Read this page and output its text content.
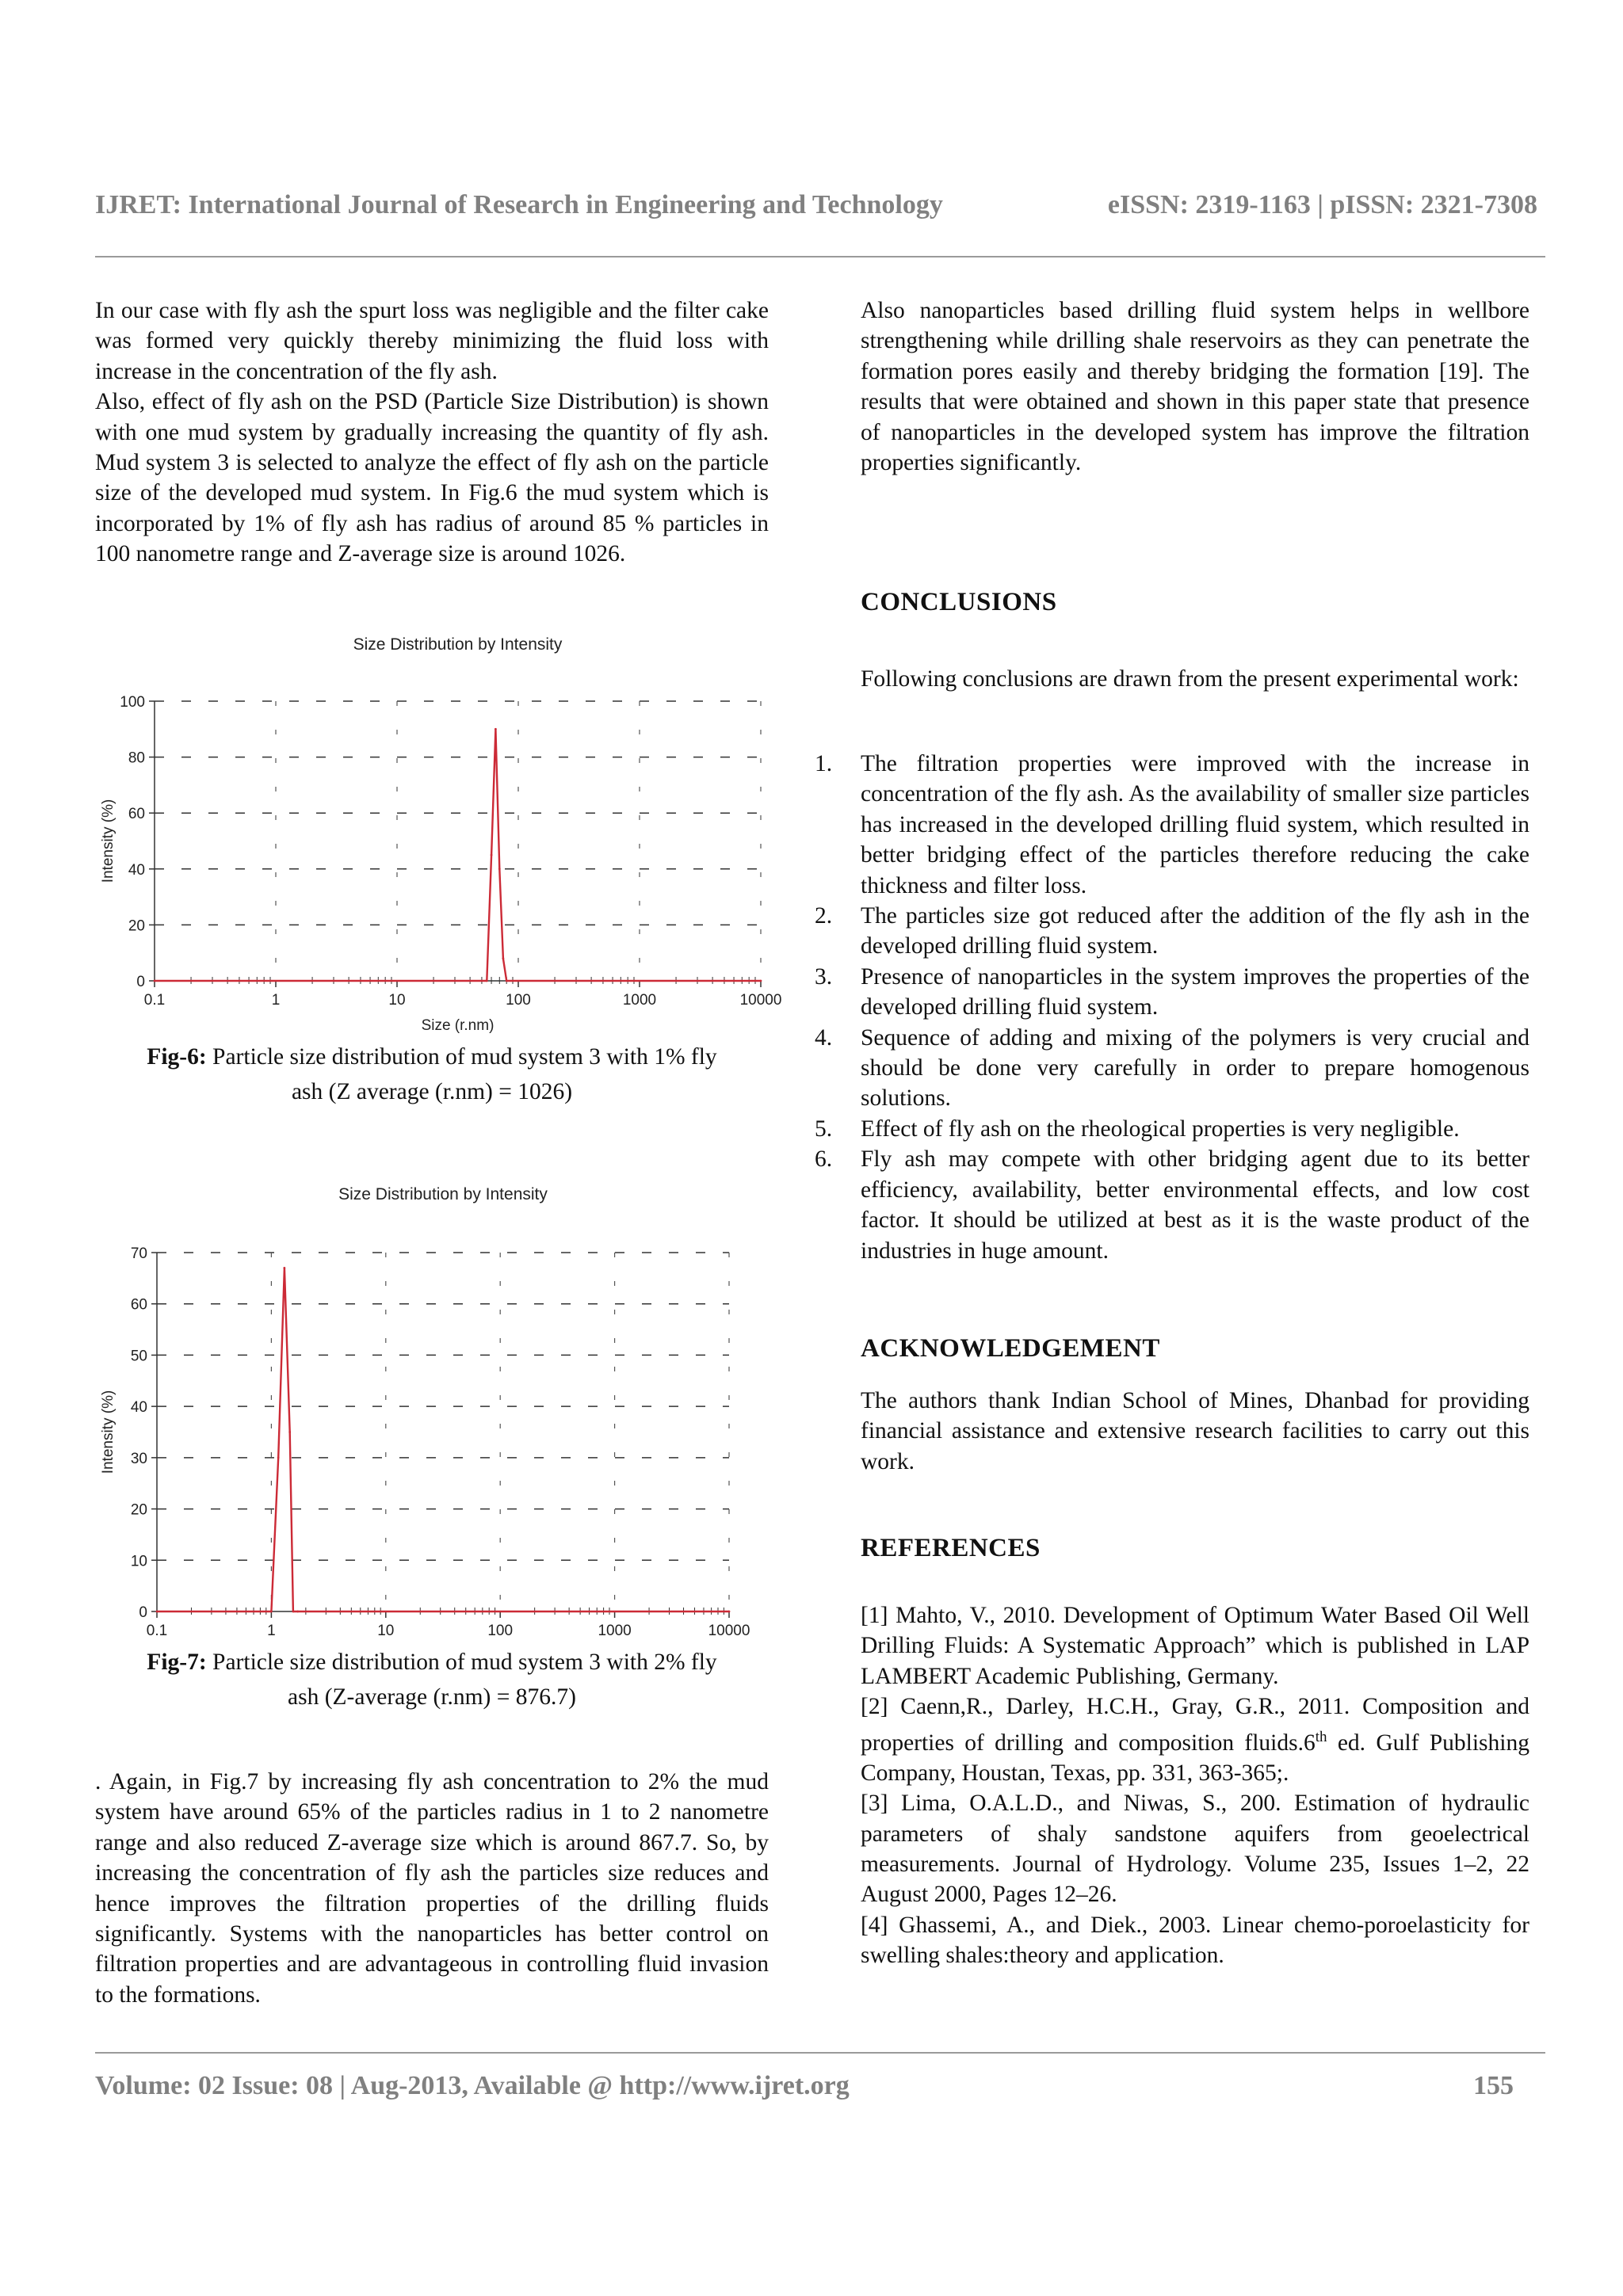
IJRET: International Journal of Research in Engineering and Technology	eISSN: 2319-1163 | pISSN: 2321-7308

In our case with fly ash the spurt loss was negligible and the filter cake was formed very quickly thereby minimizing the fluid loss with increase in the concentration of the fly ash.

Also, effect of fly ash on the PSD (Particle Size Distribution) is shown with one mud system by gradually increasing the quantity of fly ash. Mud system 3 is selected to analyze the effect of fly ash on the particle size of the developed mud system. In Fig.6 the mud system which is incorporated by 1% of fly ash has radius of around 85 % particles in 100 nanometre range and Z-average size is around 1026.

Size Distribution by Intensity
0
20
40
60
80
100
0.1	1	10	100	1000	10000
Size (r.nm)
Intensity (%)
Fig-6: Particle size distribution of mud system 3 with 1% fly
ash (Z average (r.nm) = 1026)
Size Distribution by Intensity
0
10
20
30
40
50
60
70
0.1	1	10	100	1000	10000
Intensity (%)
Fig-7: Particle size distribution of mud system 3 with 2% fly
ash (Z-average (r.nm) = 876.7)

. Again, in Fig.7 by increasing fly ash concentration to 2% the mud system have around 65% of the particles radius in 1 to 2 nanometre range and also reduced Z-average size which is around 867.7. So, by increasing the concentration of fly ash the particles size reduces and hence improves the filtration properties of the drilling fluids significantly. Systems with the nanoparticles has better control on filtration properties and are advantageous in controlling fluid invasion to the formations.

Also nanoparticles based drilling fluid system helps in wellbore strengthening while drilling shale reservoirs as they can penetrate the formation pores easily and thereby bridging the formation [19]. The results that were obtained and shown in this paper state that presence of nanoparticles in the developed system has improve the filtration properties significantly.

CONCLUSIONS

Following conclusions are drawn from the present experimental work:

1. The filtration properties were improved with the increase in concentration of the fly ash. As the availability of smaller size particles has increased in the developed drilling fluid system, which resulted in better bridging effect of the particles therefore reducing the cake thickness and filter loss.
2. The particles size got reduced after the addition of the fly ash in the developed drilling fluid system.
3. Presence of nanoparticles in the system improves the properties of the developed drilling fluid system.
4. Sequence of adding and mixing of the polymers is very crucial and should be done very carefully in order to prepare homogenous solutions.
5. Effect of fly ash on the rheological properties is very negligible.
6. Fly ash may compete with other bridging agent due to its better efficiency, availability, better environmental effects, and low cost factor. It should be utilized at best as it is the waste product of the industries in huge amount.
ACKNOWLEDGEMENT

The authors thank Indian School of Mines, Dhanbad for providing financial assistance and extensive research facilities to carry out this work.

REFERENCES

[1] Mahto, V., 2010. Development of Optimum Water Based Oil Well Drilling Fluids: A Systematic Approach” which is published in LAP LAMBERT Academic Publishing, Germany.

[2] Caenn,R., Darley, H.C.H., Gray, G.R., 2011. Composition and properties of drilling and composition fluids.6th ed. Gulf Publishing Company, Houstan, Texas, pp. 331, 363-365;.

[3] Lima, O.A.L.D., and Niwas, S., 200. Estimation of hydraulic parameters of shaly sandstone aquifers from geoelectrical measurements. Journal of Hydrology. Volume 235, Issues 1–2, 22 August 2000, Pages 12–26.

[4] Ghassemi, A., and Diek., 2003. Linear chemo-poroelasticity for swelling shales:theory and application.

Volume: 02 Issue: 08 | Aug-2013, Available @ http://www.ijret.org	155
